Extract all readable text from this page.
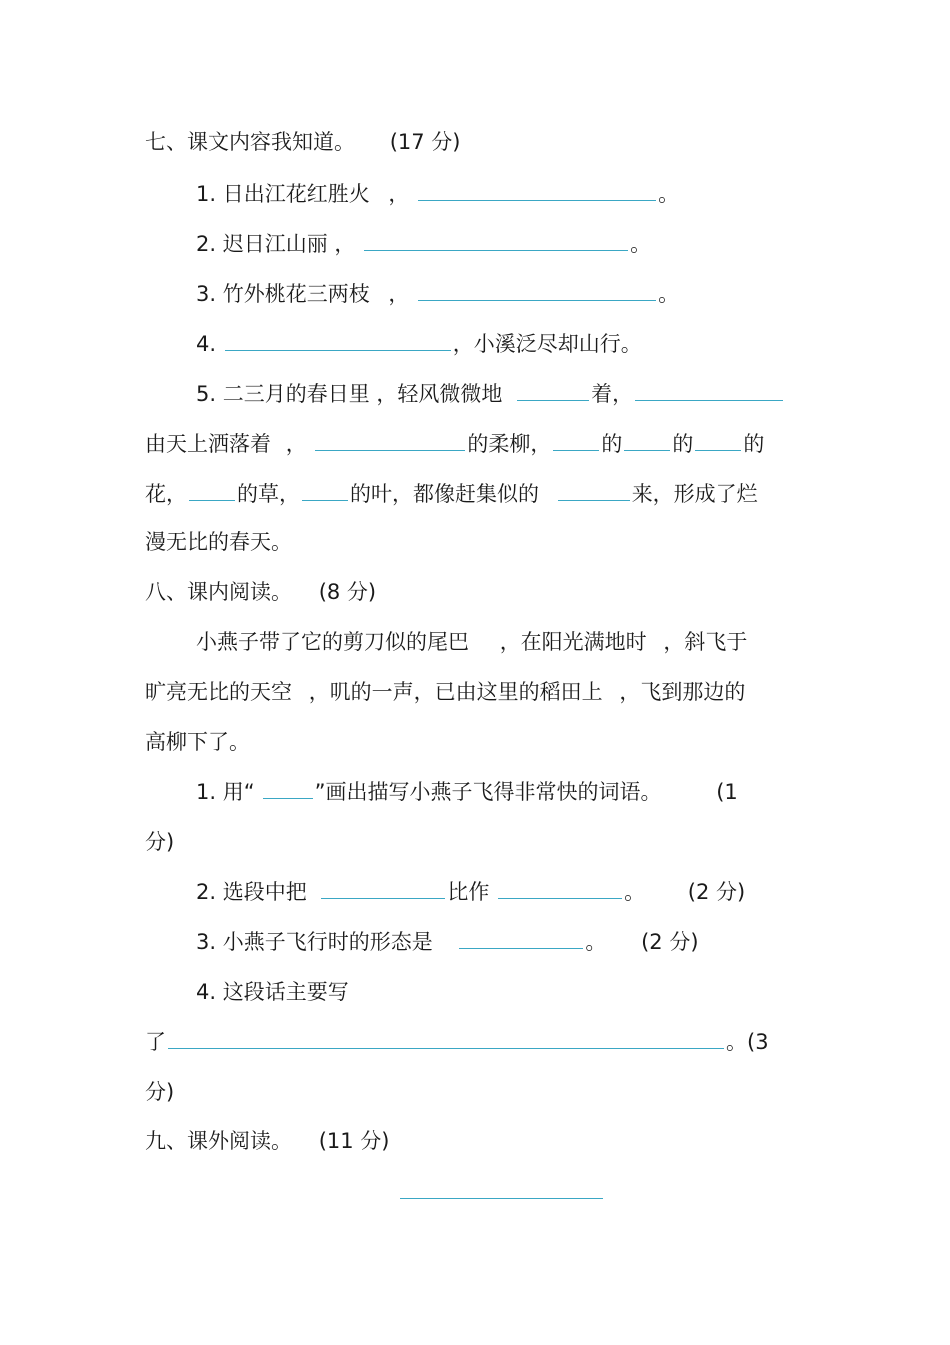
七、课文内容我知道。 (17 分)
1. 日出江花红胜火 ，	。
2. 迟日江山丽 ，	。
3. 竹外桃花三两枝 ，	。
4.	，小溪泛尽却山行。
5. 二三月的春日里 ，轻风微微地	着，
由天上洒落着 ，	的柔柳， 的 的 的
花， 的草， 的叶，都像赶集似的	来，形成了烂
漫无比的春天。
八、课内阅读。 (8 分)
小燕子带了它的剪刀似的尾巴 ，在阳光满地时 ，斜飞于
旷亮无比的天空 ，叽的一声，已由这里的稻田上 ，飞到那边的
高柳下了。
1. 用“	”画出描写小燕子飞得非常快的词语。	(1
分)
2. 选段中把	比作	。 (2 分)
3. 小燕子飞行时的形态是	。 (2 分)
4. 这段话主要写
了	。(3
分)
九、课外阅读。 (11 分)
